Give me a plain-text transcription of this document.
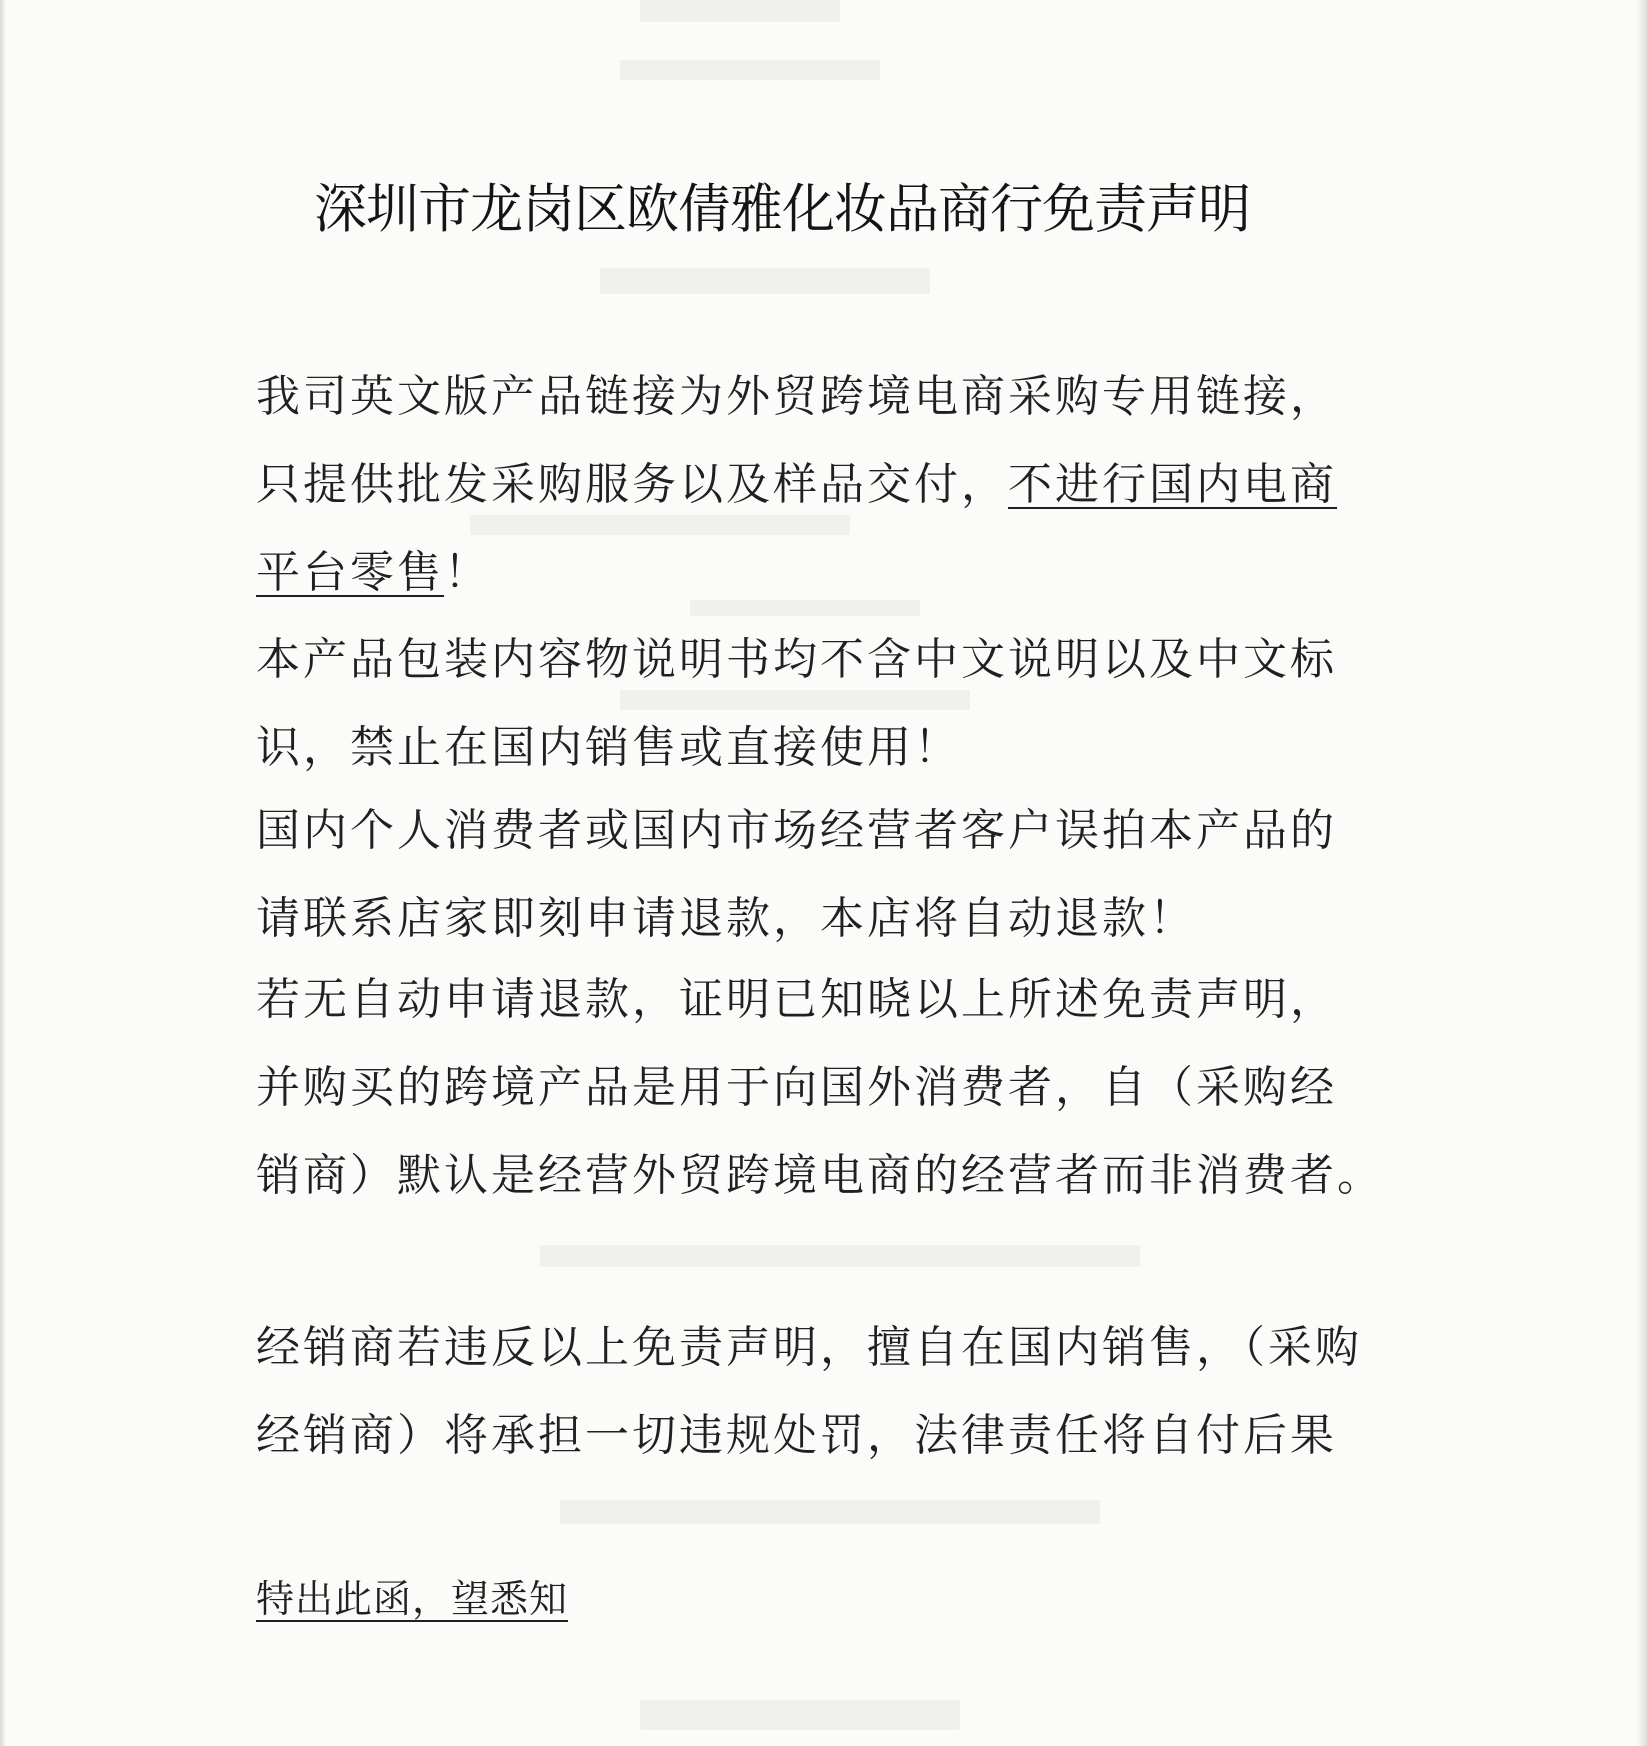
深圳市龙岗区欧倩雅化妆品商行免责声明
我司英文版产品链接为外贸跨境电商采购专用链接，
只提供批发采购服务以及样品交付，不进行国内电商
平台零售！
本产品包装内容物说明书均不含中文说明以及中文标
识，禁止在国内销售或直接使用！
国内个人消费者或国内市场经营者客户误拍本产品的
请联系店家即刻申请退款，本店将自动退款！
若无自动申请退款，证明已知晓以上所述免责声明，
并购买的跨境产品是用于向国外消费者，自（采购经
销商）默认是经营外贸跨境电商的经营者而非消费者。
经销商若违反以上免责声明，擅自在国内销售，（采购
经销商）将承担一切违规处罚，法律责任将自付后果
特出此函，望悉知
